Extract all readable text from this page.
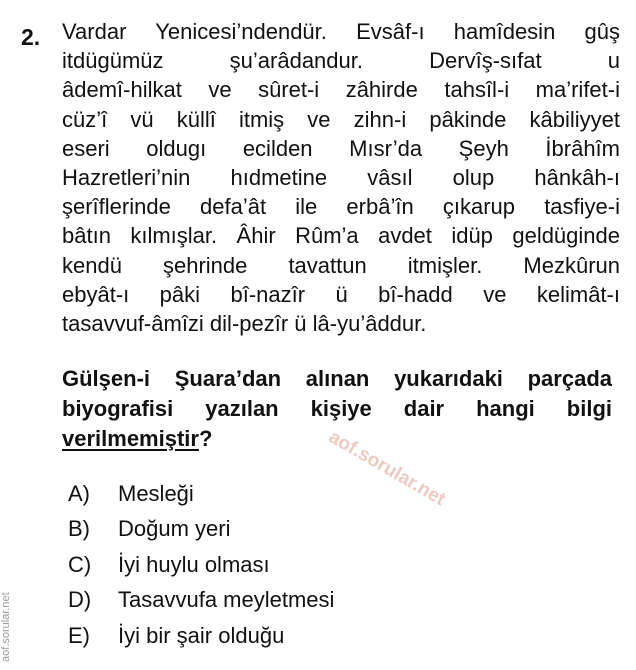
2. Vardar Yenicesi’ndendür. Evsâf-ı hamîdesin gûş
itdügümüz şu’arâdandur. Dervîş-sıfat u
âdemî-hilkat ve sûret-i zâhirde tahsîl-i ma’rifet-i
cüz’î vü küllî itmiş ve zihn-i pâkinde kâbiliyyet
eseri oldugı ecilden Mısr’da Şeyh İbrâhîm
Hazretleri’nin hıdmetine vâsıl olup hânkâh-ı
şerîflerinde defa’ât ile erbâ’în çıkarup tasfiye-i
bâtın kılmışlar. Âhir Rûm’a avdet idüp geldüginde
kendü şehrinde tavattun itmişler. Mezkûrun
ebyât-ı pâki bî-nazîr ü bî-hadd ve kelimât-ı
tasavvuf-âmîzi dil-pezîr ü lâ-yu’âddur.
Gülşen-i Şuara’dan alınan yukarıdaki parçada
biyografisi yazılan kişiye dair hangi bilgi
verilmemiştir?
A)	Mesleği
B)	Doğum yeri
C)	İyi huylu olması
D)	Tasavvufa meyletmesi
E)	İyi bir şair olduğu
aof.sorular.net
aof.sorular.net
